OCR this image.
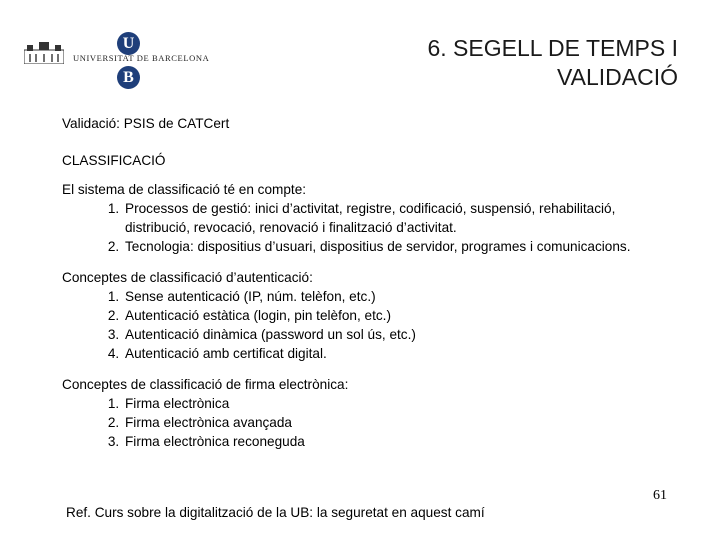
U
UNIVERSITAT DE BARCELONA
B
6. SEGELL DE TEMPS I
VALIDACIÓ

Validació: PSIS de CATCert

CLASSIFICACIÓ

El sistema de classificació té en compte:

1. Processos de gestió: inici d’activitat, registre, codificació, suspensió, rehabilitació, distribució, revocació, renovació i finalització d’activitat.
2. Tecnologia: dispositius d’usuari, dispositius de servidor, programes i comunicacions.

Conceptes de classificació d’autenticació:

1. Sense autenticació (IP, núm. telèfon, etc.)
2. Autenticació estàtica (login, pin telèfon, etc.)
3. Autenticació dinàmica (password un sol ús, etc.)
4. Autenticació amb certificat digital.

Conceptes de classificació de firma electrònica:

1. Firma electrònica
2. Firma electrònica avançada
3. Firma electrònica reconeguda
61
Ref. Curs sobre la digitalització de la UB: la seguretat en aquest camí
